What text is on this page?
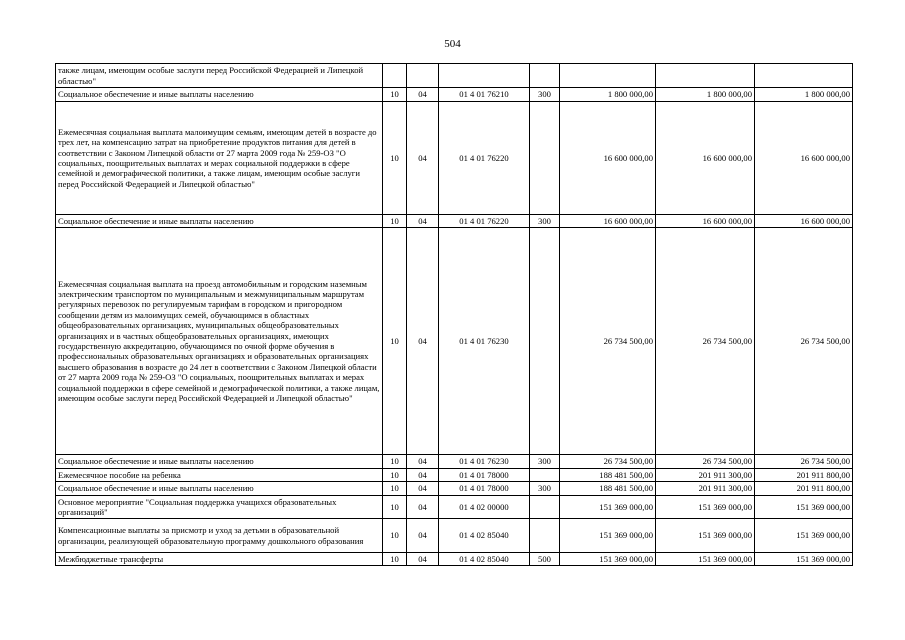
504
также лицам, имеющим особые заслуги перед Российской Федерацией и Липецкой областью"							
Социальное обеспечение и иные выплаты населению	10	04	01 4 01 76210	300	1 800 000,00	1 800 000,00	1 800 000,00
Ежемесячная социальная выплата малоимущим семьям, имеющим детей в возрасте до трех лет, на компенсацию затрат на приобретение продуктов питания для детей в соответствии с Законом Липецкой области от 27 марта 2009 года № 259-ОЗ "О социальных, поощрительных выплатах и мерах социальной поддержки в сфере семейной и демографической политики, а также лицам, имеющим особые заслуги перед Российской Федерацией и Липецкой областью"	10	04	01 4 01 76220		16 600 000,00	16 600 000,00	16 600 000,00
Социальное обеспечение и иные выплаты населению	10	04	01 4 01 76220	300	16 600 000,00	16 600 000,00	16 600 000,00
Ежемесячная социальная выплата на проезд автомобильным и городским наземным электрическим транспортом по муниципальным и межмуниципальным маршрутам регулярных перевозок по регулируемым тарифам в городском и пригородном сообщении детям из малоимущих семей, обучающимся в областных общеобразовательных организациях, муниципальных общеобразовательных организациях и в частных общеобразовательных организациях, имеющих государственную аккредитацию, обучающимся по очной форме обучения в профессиональных образовательных организациях и образовательных организациях высшего образования в возрасте до 24 лет в соответствии с Законом Липецкой области от 27 марта 2009 года № 259-ОЗ "О социальных, поощрительных выплатах и мерах социальной поддержки в сфере семейной и демографической политики, а также лицам, имеющим особые заслуги перед Российской Федерацией и Липецкой областью"	10	04	01 4 01 76230		26 734 500,00	26 734 500,00	26 734 500,00
Социальное обеспечение и иные выплаты населению	10	04	01 4 01 76230	300	26 734 500,00	26 734 500,00	26 734 500,00
Ежемесячное пособие на ребенка	10	04	01 4 01 78000		188 481 500,00	201 911 300,00	201 911 800,00
Социальное обеспечение и иные выплаты населению	10	04	01 4 01 78000	300	188 481 500,00	201 911 300,00	201 911 800,00
Основное мероприятие "Социальная поддержка учащихся образовательных организаций"	10	04	01 4 02 00000		151 369 000,00	151 369 000,00	151 369 000,00
Компенсационные выплаты за присмотр и уход за детьми в образовательной организации, реализующей образовательную программу дошкольного образования	10	04	01 4 02 85040		151 369 000,00	151 369 000,00	151 369 000,00
Межбюджетные трансферты	10	04	01 4 02 85040	500	151 369 000,00	151 369 000,00	151 369 000,00
